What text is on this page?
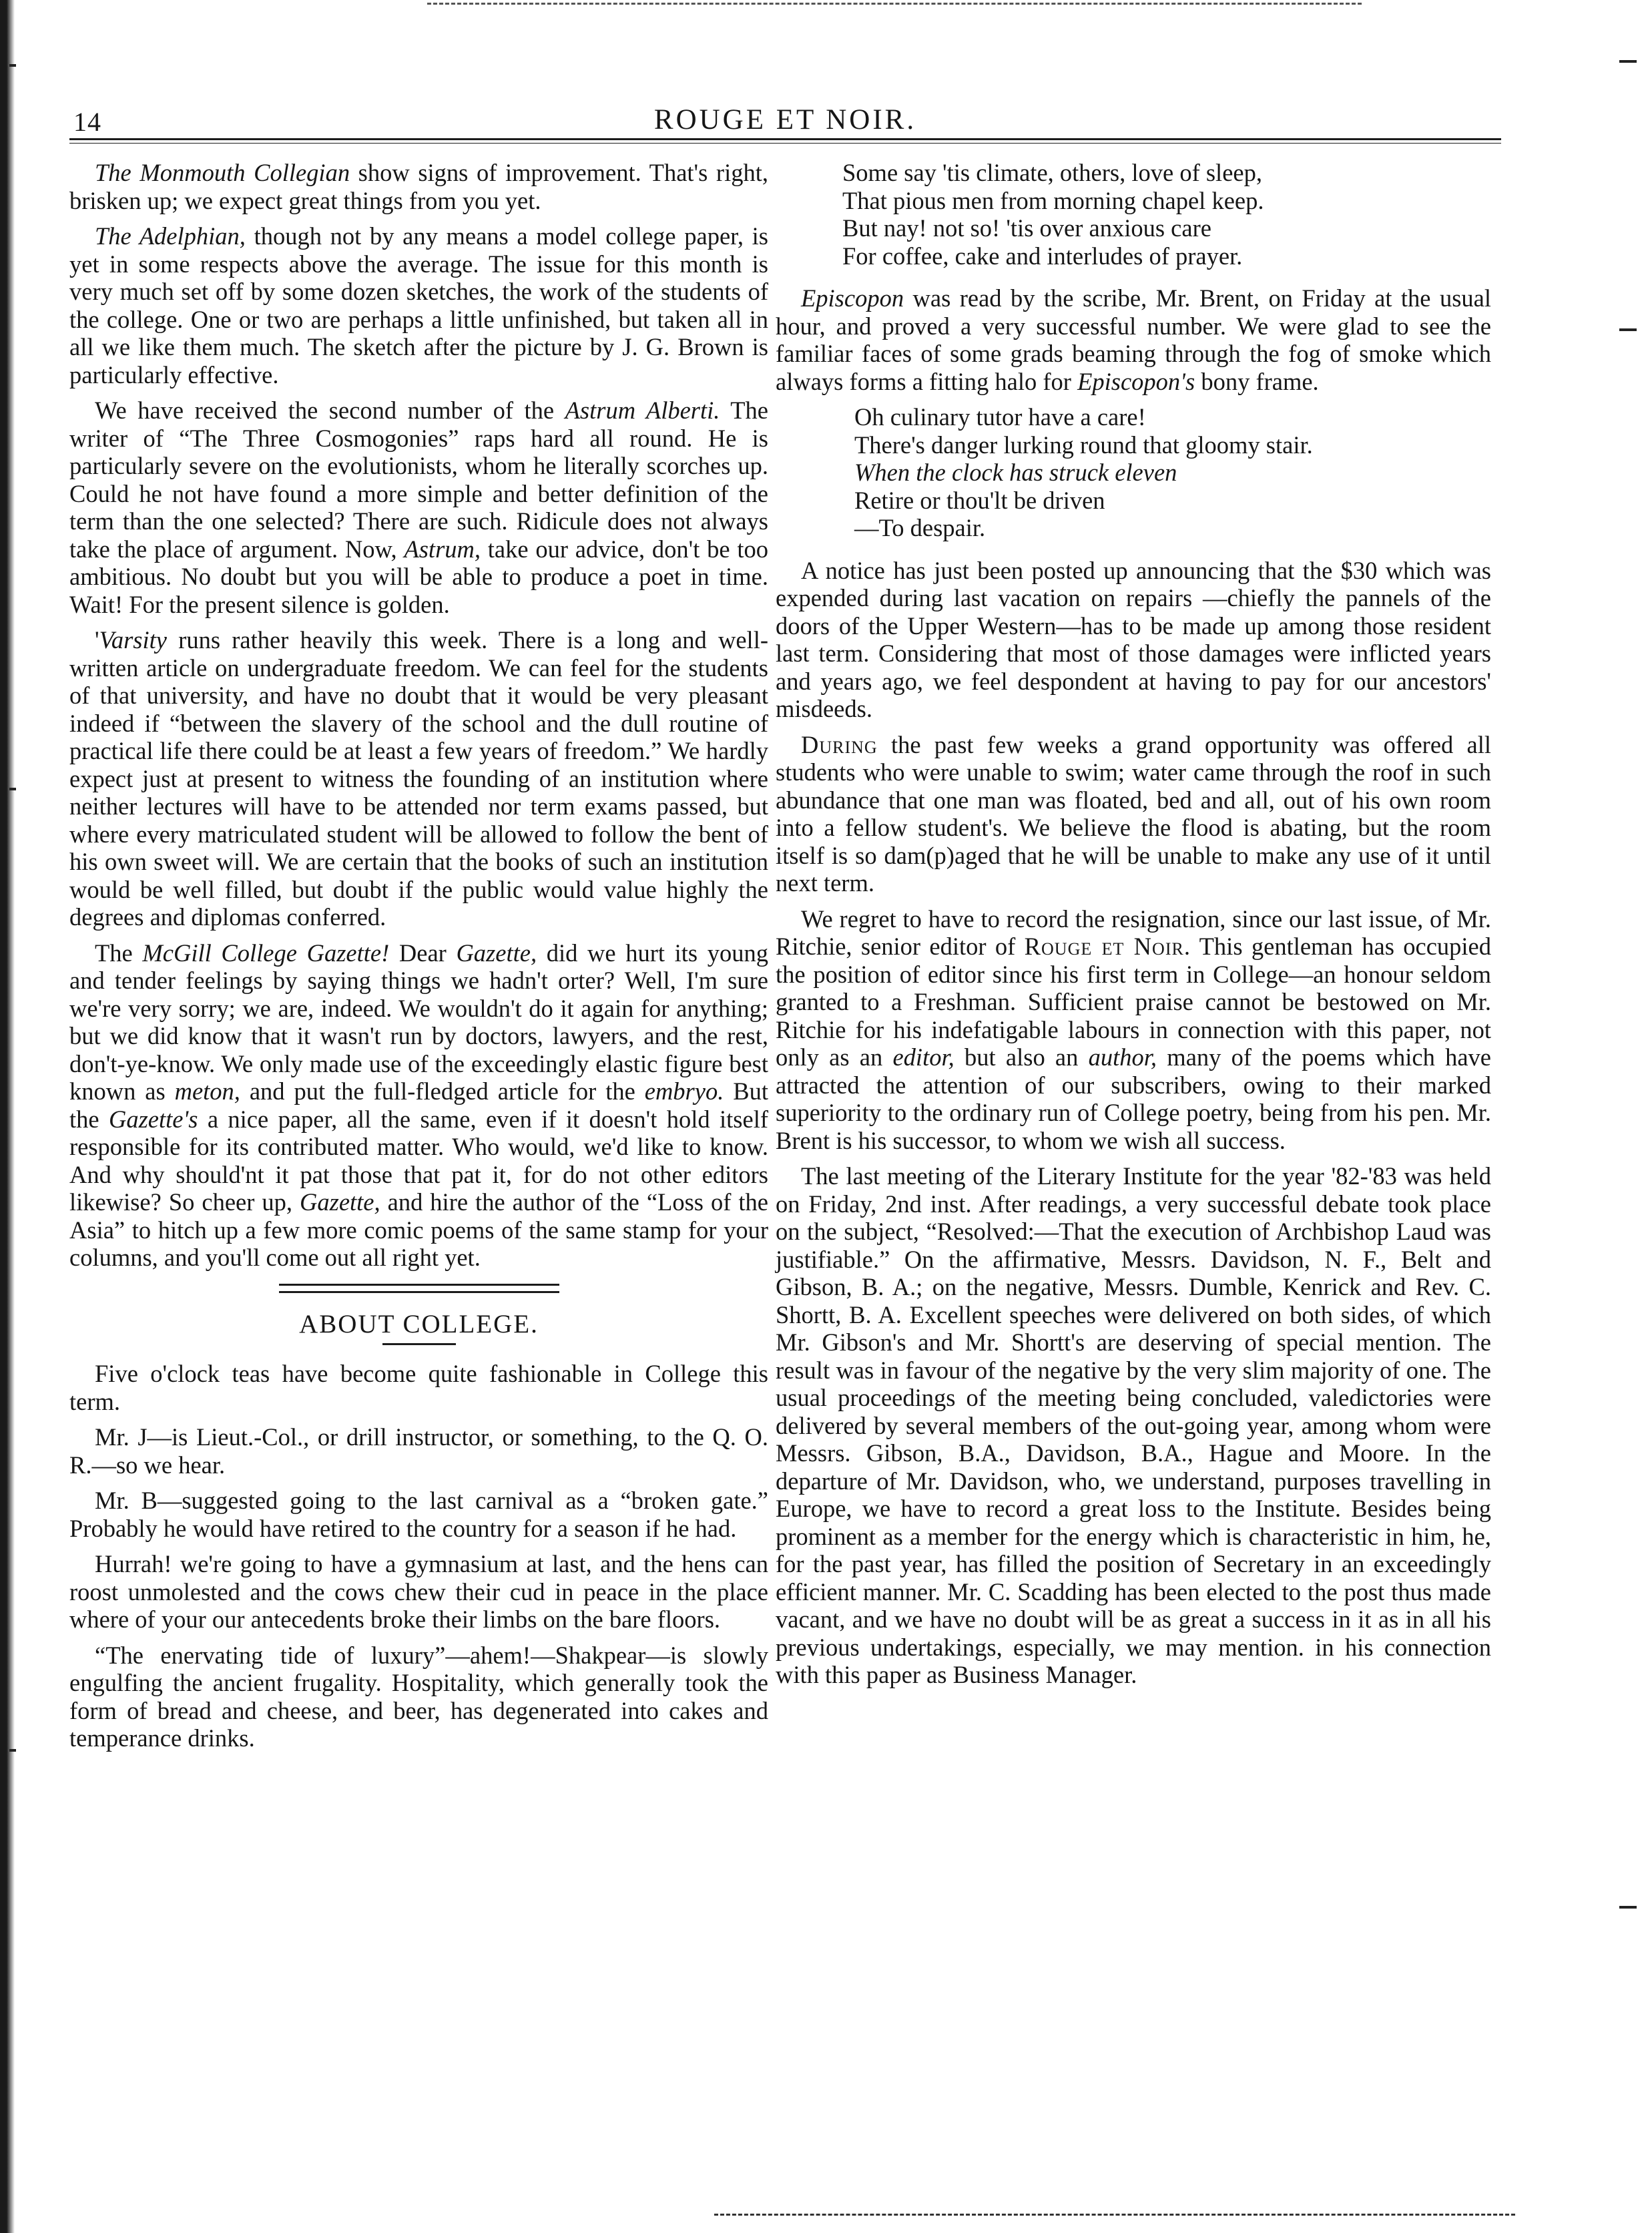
14	ROUGE ET NOIR.

The Monmouth Collegian show signs of improvement. That's right, brisken up; we expect great things from you yet.

The Adelphian, though not by any means a model college paper, is yet in some respects above the average. The issue for this month is very much set off by some dozen sketches, the work of the students of the college. One or two are perhaps a little unfinished, but taken all in all we like them much. The sketch after the picture by J. G. Brown is particularly effective.

We have received the second number of the Astrum Alberti. The writer of “The Three Cosmogonies” raps hard all round. He is particularly severe on the evolutionists, whom he literally scorches up. Could he not have found a more simple and better definition of the term than the one selected? There are such. Ridicule does not always take the place of argument. Now, Astrum, take our advice, don't be too ambitious. No doubt but you will be able to produce a poet in time. Wait! For the present silence is golden.

'Varsity runs rather heavily this week. There is a long and well-written article on undergraduate freedom. We can feel for the students of that university, and have no doubt that it would be very pleasant indeed if “between the slavery of the school and the dull routine of practical life there could be at least a few years of freedom.” We hardly expect just at present to witness the founding of an institution where neither lectures will have to be attended nor term exams passed, but where every matriculated student will be allowed to follow the bent of his own sweet will. We are certain that the books of such an institution would be well filled, but doubt if the public would value highly the degrees and diplomas conferred.

The McGill College Gazette! Dear Gazette, did we hurt its young and tender feelings by saying things we hadn't orter? Well, I'm sure we're very sorry; we are, indeed. We wouldn't do it again for anything; but we did know that it wasn't run by doctors, lawyers, and the rest, don't-ye-know. We only made use of the exceedingly elastic figure best known as meton, and put the full-fledged article for the embryo. But the Gazette's a nice paper, all the same, even if it doesn't hold itself responsible for its contributed matter. Who would, we'd like to know. And why should'nt it pat those that pat it, for do not other editors likewise? So cheer up, Gazette, and hire the author of the “Loss of the Asia” to hitch up a few more comic poems of the same stamp for your columns, and you'll come out all right yet.

ABOUT COLLEGE.

Five o'clock teas have become quite fashionable in College this term.

Mr. J—is Lieut.-Col., or drill instructor, or something, to the Q. O. R.—so we hear.

Mr. B—suggested going to the last carnival as a “broken gate.” Probably he would have retired to the country for a season if he had.

Hurrah! we're going to have a gymnasium at last, and the hens can roost unmolested and the cows chew their cud in peace in the place where of your our antecedents broke their limbs on the bare floors.

“The enervating tide of luxury”—ahem!—Shakpear—is slowly engulfing the ancient frugality. Hospitality, which generally took the form of bread and cheese, and beer, has degenerated into cakes and temperance drinks.

Some say 'tis climate, others, love of sleep,
That pious men from morning chapel keep.
But nay! not so! 'tis over anxious care
For coffee, cake and interludes of prayer.

Episcopon was read by the scribe, Mr. Brent, on Friday at the usual hour, and proved a very successful number. We were glad to see the familiar faces of some grads beaming through the fog of smoke which always forms a fitting halo for Episcopon's bony frame.

Oh culinary tutor have a care!
There's danger lurking round that gloomy stair.
When the clock has struck eleven
Retire or thou'lt be driven
—To despair.

A notice has just been posted up announcing that the $30 which was expended during last vacation on repairs —chiefly the pannels of the doors of the Upper Western—has to be made up among those resident last term. Considering that most of those damages were inflicted years and years ago, we feel despondent at having to pay for our ancestors' misdeeds.

During the past few weeks a grand opportunity was offered all students who were unable to swim; water came through the roof in such abundance that one man was floated, bed and all, out of his own room into a fellow student's. We believe the flood is abating, but the room itself is so dam(p)aged that he will be unable to make any use of it until next term.

We regret to have to record the resignation, since our last issue, of Mr. Ritchie, senior editor of Rouge et Noir. This gentleman has occupied the position of editor since his first term in College—an honour seldom granted to a Freshman. Sufficient praise cannot be bestowed on Mr. Ritchie for his indefatigable labours in connection with this paper, not only as an editor, but also an author, many of the poems which have attracted the attention of our subscribers, owing to their marked superiority to the ordinary run of College poetry, being from his pen. Mr. Brent is his successor, to whom we wish all success.

The last meeting of the Literary Institute for the year '82-'83 was held on Friday, 2nd inst. After readings, a very successful debate took place on the subject, “Resolved:—That the execution of Archbishop Laud was justifiable.” On the affirmative, Messrs. Davidson, N. F., Belt and Gibson, B. A.; on the negative, Messrs. Dumble, Kenrick and Rev. C. Shortt, B. A. Excellent speeches were delivered on both sides, of which Mr. Gibson's and Mr. Shortt's are deserving of special mention. The result was in favour of the negative by the very slim majority of one. The usual proceedings of the meeting being concluded, valedictories were delivered by several members of the out-going year, among whom were Messrs. Gibson, B.A., Davidson, B.A., Hague and Moore. In the departure of Mr. Davidson, who, we understand, purposes travelling in Europe, we have to record a great loss to the Institute. Besides being prominent as a member for the energy which is characteristic in him, he, for the past year, has filled the position of Secretary in an exceedingly efficient manner. Mr. C. Scadding has been elected to the post thus made vacant, and we have no doubt will be as great a success in it as in all his previous undertakings, especially, we may mention. in his connection with this paper as Business Manager.
